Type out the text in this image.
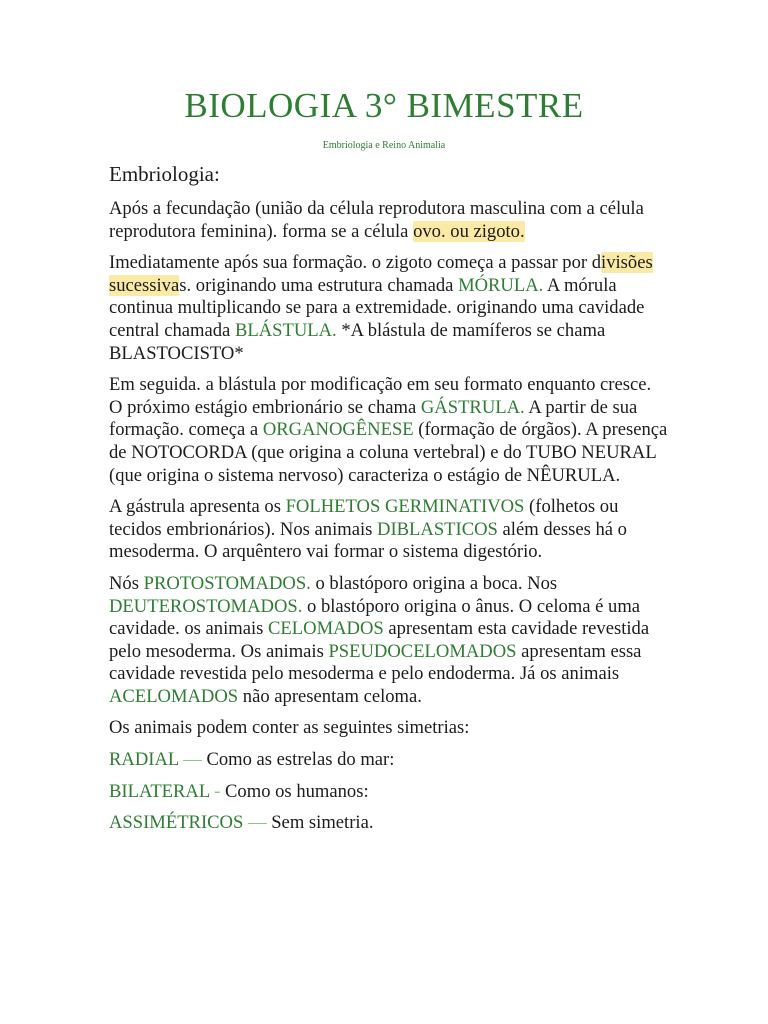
BIOLOGIA 3° BIMESTRE
Embriologia e Reino Animalia
Embriologia:

Após a fecundação (união da célula reprodutora masculina com a célula reprodutora feminina). forma se a célula ovo. ou zigoto.

Imediatamente após sua formação. o zigoto começa a passar por divisões sucessivas. originando uma estrutura chamada MÓRULA. A mórula continua multiplicando se para a extremidade. originando uma cavidade central chamada BLÁSTULA. *A blástula de mamíferos se chama BLASTOCISTO*

Em seguida. a blástula por modificação em seu formato enquanto cresce. O próximo estágio embrionário se chama GÁSTRULA. A partir de sua formação. começa a ORGANOGÊNESE (formação de órgãos). A presença de NOTOCORDA (que origina a coluna vertebral) e do TUBO NEURAL (que origina o sistema nervoso) caracteriza o estágio de NÊURULA.

A gástrula apresenta os FOLHETOS GERMINATIVOS (folhetos ou tecidos embrionários). Nos animais DIBLASTICOS além desses há o mesoderma. O arquêntero vai formar o sistema digestório.

Nós PROTOSTOMADOS. o blastóporo origina a boca. Nos DEUTEROSTOMADOS. o blastóporo origina o ânus. O celoma é uma cavidade. os animais CELOMADOS apresentam esta cavidade revestida pelo mesoderma. Os animais PSEUDOCELOMADOS apresentam essa cavidade revestida pelo mesoderma e pelo endoderma. Já os animais ACELOMADOS não apresentam celoma.

Os animais podem conter as seguintes simetrias:

RADIAL — Como as estrelas do mar:

BILATERAL - Como os humanos:

ASSIMÉTRICOS — Sem simetria.
